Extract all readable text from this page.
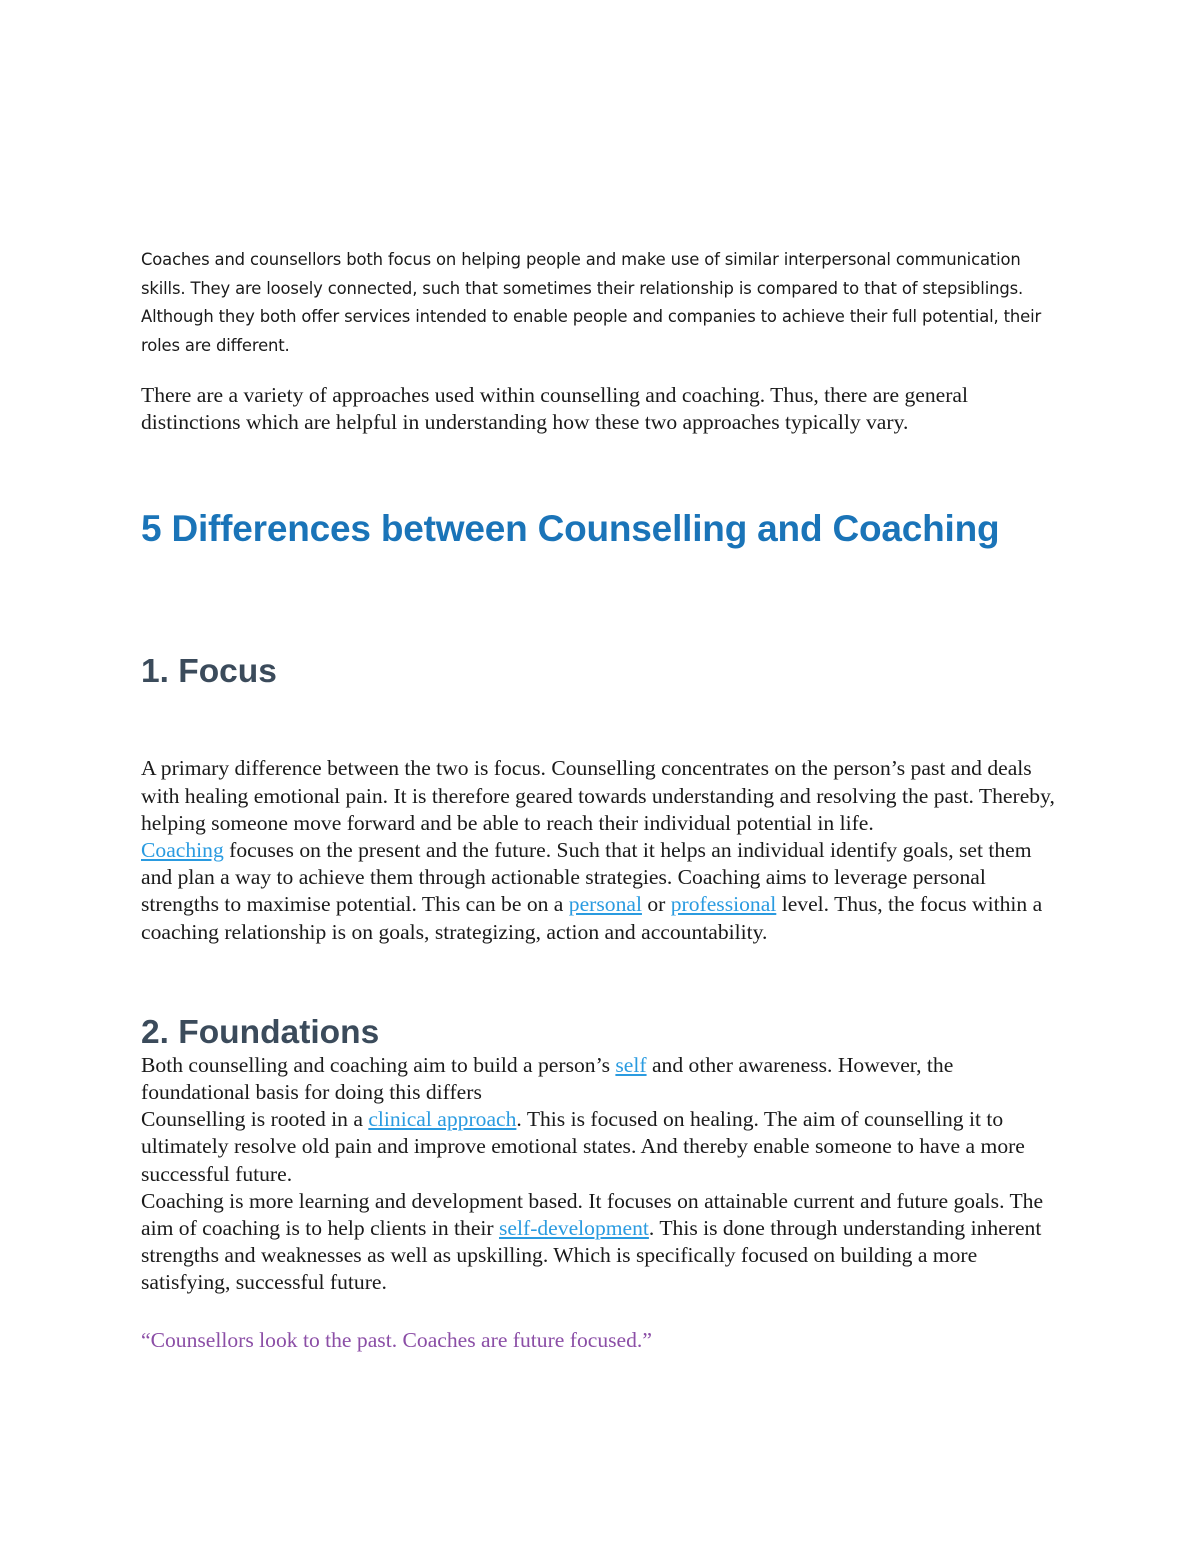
Coaches and counsellors both focus on helping people and make use of similar interpersonal communication skills. They are loosely connected, such that sometimes their relationship is compared to that of stepsiblings. Although they both offer services intended to enable people and companies to achieve their full potential, their roles are different.

There are a variety of approaches used within counselling and coaching. Thus, there are general distinctions which are helpful in understanding how these two approaches typically vary.

5 Differences between Counselling and Coaching
1. Focus

A primary difference between the two is focus. Counselling concentrates on the person’s past and deals with healing emotional pain. It is therefore geared towards understanding and resolving the past. Thereby, helping someone move forward and be able to reach their individual potential in life.

Coaching focuses on the present and the future. Such that it helps an individual identify goals, set them and plan a way to achieve them through actionable strategies. Coaching aims to leverage personal strengths to maximise potential. This can be on a personal or professional level. Thus, the focus within a coaching relationship is on goals, strategizing, action and accountability.

2. Foundations

Both counselling and coaching aim to build a person’s self and other awareness. However, the foundational basis for doing this differs

Counselling is rooted in a clinical approach. This is focused on healing. The aim of counselling it to ultimately resolve old pain and improve emotional states. And thereby enable someone to have a more successful future.

Coaching is more learning and development based. It focuses on attainable current and future goals. The aim of coaching is to help clients in their self-development. This is done through understanding inherent strengths and weaknesses as well as upskilling. Which is specifically focused on building a more satisfying, successful future.

“Counsellors look to the past. Coaches are future focused.”
